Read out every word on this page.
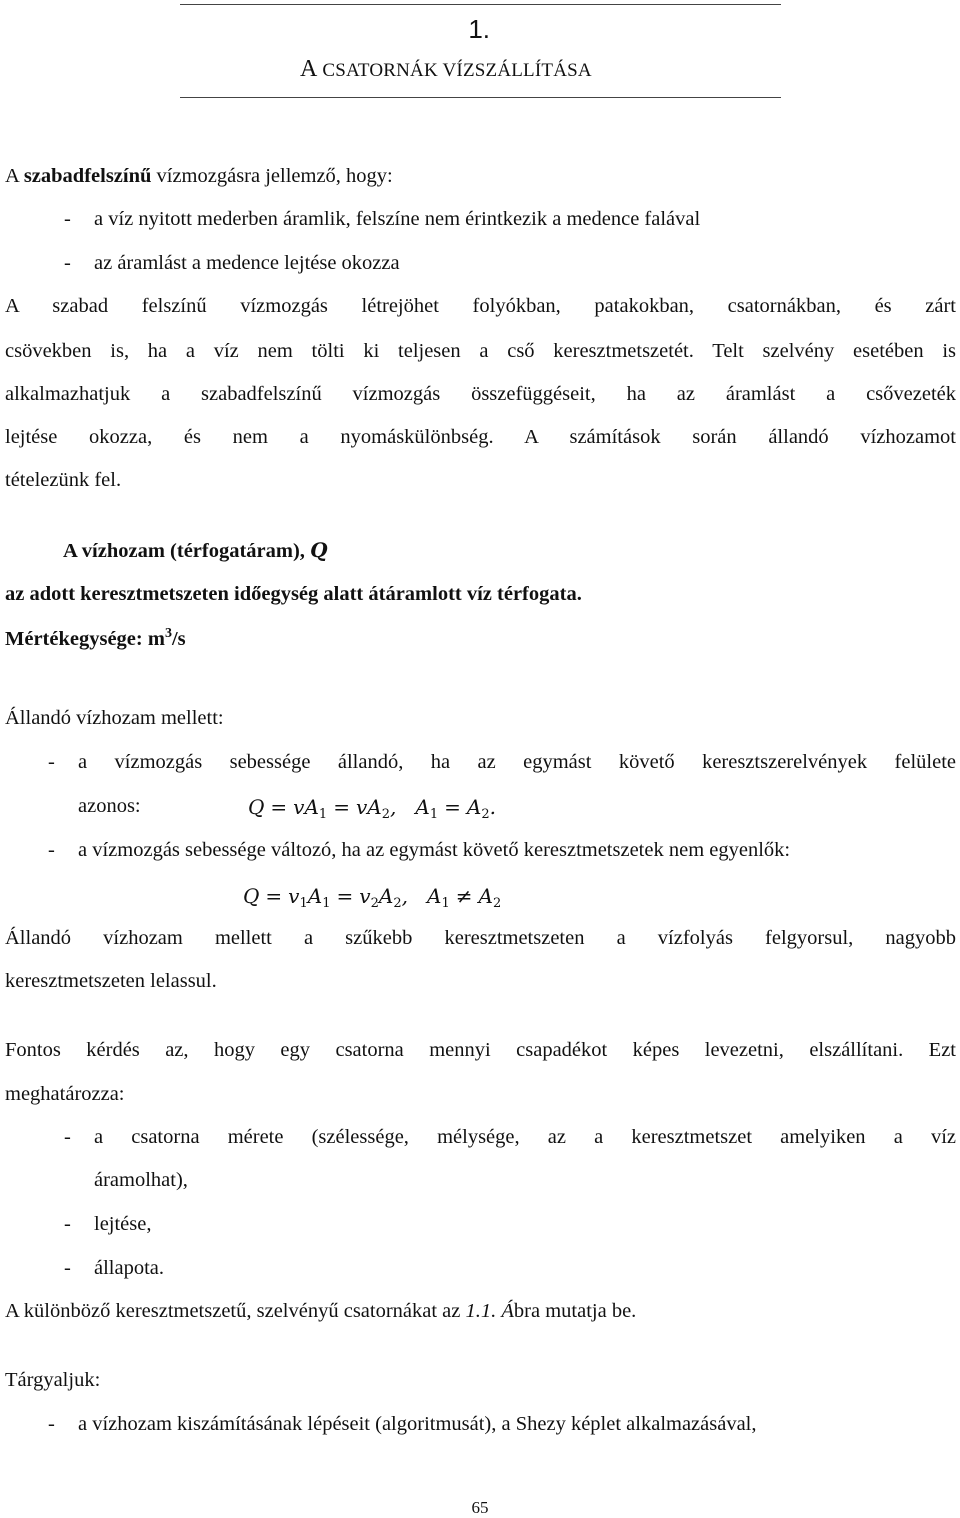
1.
A CSATORNÁK VÍZSZÁLLÍTÁSA
A szabadfelszínű vízmozgásra jellemző, hogy:
- a víz nyitott mederben áramlik, felszíne nem érintkezik a medence falával
- az áramlást a medence lejtése okozza
A szabad felszínű vízmozgás létrejöhet folyókban, patakokban, csatornákban, és zárt
csövekben is, ha a víz nem tölti ki teljesen a cső keresztmetszetét. Telt szelvény esetében is
alkalmazhatjuk a szabadfelszínű vízmozgás összefüggéseit, ha az áramlást a csővezeték
lejtése okozza, és nem a nyomáskülönbség. A számítások során állandó vízhozamot
tételezünk fel.
A vízhozam (térfogatáram), Q
az adott keresztmetszeten időegység alatt átáramlott víz térfogata.
Mértékegysége: $m^3/s$
Állandó vízhozam mellett:
- a vízmozgás sebessége állandó, ha az egymást követő keresztszerelvények felülete
azonos:	$Q = vA_1 = vA_2$,   $A_1 = A_2$.
- a vízmozgás sebessége változó, ha az egymást követő keresztmetszetek nem egyenlők:
$Q = v_1A_1 = v_2A_2$,   $A_1 \ne A_2$
Állandó vízhozam mellett a szűkebb keresztmetszeten a vízfolyás felgyorsul, nagyobb
keresztmetszeten lelassul.
Fontos kérdés az, hogy egy csatorna mennyi csapadékot képes levezetni, elszállítani. Ezt
meghatározza:
- a csatorna mérete (szélessége, mélysége, az a keresztmetszet amelyiken a víz
áramolhat),
- lejtése,
- állapota.
A különböző keresztmetszetű, szelvényű csatornákat az 1.1. Ábra mutatja be.
Tárgyaljuk:
- a vízhozam kiszámításának lépéseit (algoritmusát), a Shezy képlet alkalmazásával,
65
